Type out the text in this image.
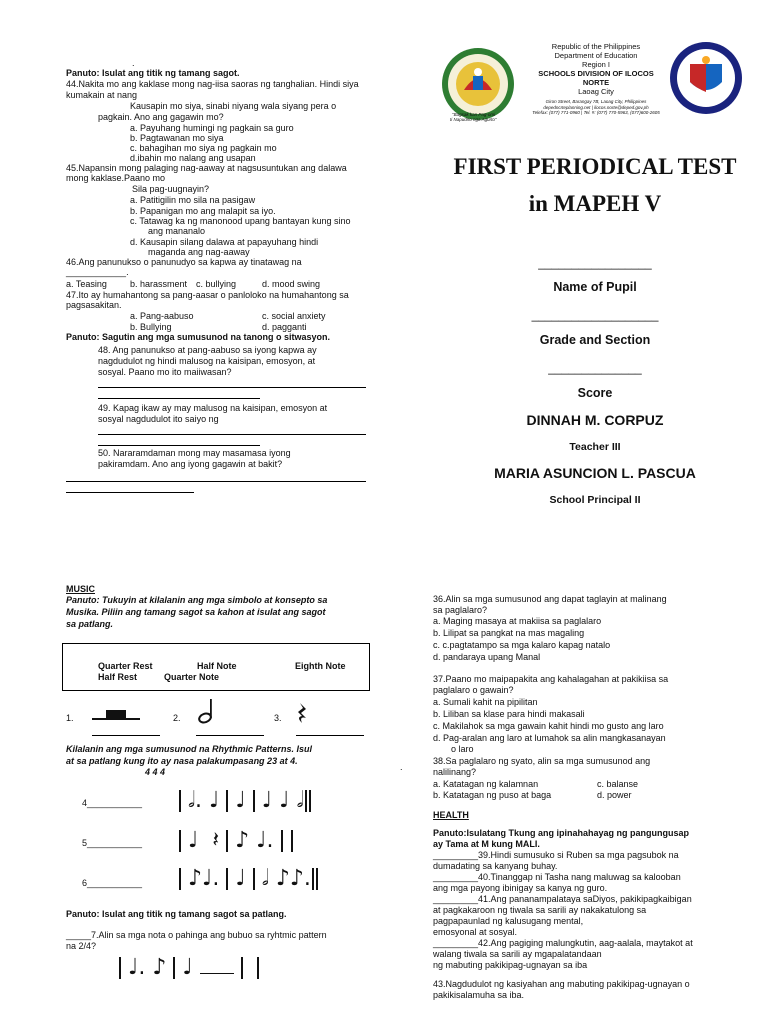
.
Panuto: Isulat ang titik ng tamang sagot.
44.Nakita mo ang kaklase mong nag-iisa saoras ng tanghalian. Hindi siya
kumakain at nang
Kausapin mo siya, sinabi niyang wala siyang pera o
pagkain. Ano ang gagawin mo?
a. Payuhang humingi ng pagkain sa guro
b. Pagtawanan mo siya
c. bahagihan mo siya ng pagkain mo
d.ibahin mo nalang ang usapan
45.Napansin mong palaging nag-aaway at nagsusuntukan ang dalawa
mong kaklase.Paano mo
Sila pag-uugnayin?
a. Patitigilin mo sila na pasigaw
b. Papanigan mo ang malapit sa iyo.
c. Tatawag ka ng manonood upang bantayan kung sino
ang mananalo
d. Kausapin silang dalawa at papayuhang hindi
maganda ang nag-aaway
46.Ang panunukso o panunudyo sa kapwa ay tinatawag na
____________.
a. Teasing	b. harassment c. bullying	d. mood swing
47.Ito ay humahantong sa pang-aasar o panloloko na humahantong sa
pagsasakitan.
a. Pang-aabuso	c. social anxiety
b. Bullying	d. pagganti
Panuto: Sagutin ang mga sumusunod na tanong o sitwasyon.
48. Ang panunukso at pang-aabuso sa iyong kapwa ay
nagdudulot ng hindi malusog na kaisipan, emosyon, at
sosyal. Paano mo ito maiiwasan?
49. Kapag ikaw ay may malusog na kaisipan, emosyon at
sosyal nagdudulot ito saiyo ng
50. Nararamdaman mong may masamasa iyong
pakiramdam. Ano ang iyong gagawin at bakit?
"Bagsak kan Pag-omi
ti Napudno nga Agurto"
Republic of the Philippines
Department of Education
Region I
SCHOOLS DIVISION OF ILOCOS NORTE
Laoag City
Giron Street, Barangay 7B, Laoag City, Philippines
depedncrteplanning.net | ilocos.norte@deped.gov.ph
Telefax: (077) 771-0960 | Tel. #: (077) 770-5963, (077)600-2605
FIRST PERIODICAL TEST
in MAPEH V
_________________
Name of Pupil
___________________
Grade and Section
______________
Score
DINNAH M. CORPUZ
Teacher III
MARIA ASUNCION L. PASCUA
School Principal II
MUSIC
Panuto: Tukuyin at kilalanin ang mga simbolo at konsepto sa
Musika. Piliin ang tamang sagot sa kahon at isulat ang sagot
sa patlang.
Quarter Rest	Half Note	Eighth Note
Half Rest	Quarter Note
1.	2.	3.
Kilalanin ang mga sumusunod na Rhythmic Patterns. Isul
at sa patlang kung ito ay nasa palakumpasang 23 at 4.
4 4 4
4___________	𝅗𝅥. ♩ ♩ ♩ ♩ 𝅗𝅥
5___________	♩ 𝄽 ♪ ♩.
6___________	♪♩. ♩ 𝅗𝅥 ♪♪.
Panuto: Isulat ang titik ng tamang sagot sa patlang.
_____7.Alin sa mga nota o pahinga ang bubuo sa ryhtmic pattern
na 2/4?
♩. ♪ ♩
.
36.Alin sa mga sumusunod ang dapat taglayin at malinang
sa paglalaro?
a. Maging masaya at makiisa sa paglalaro
b. Lilipat sa pangkat na mas magaling
c. c.pagtatampo sa mga kalaro kapag natalo
d. pandaraya upang Manal
37.Paano mo maipapakita ang kahalagahan at pakikiisa sa
paglalaro o gawain?
a. Sumali kahit na pipilitan
b. Liliban sa klase para hindi makasali
c. Makilahok sa mga gawain kahit hindi mo gusto ang laro
d. Pag-aralan ang laro at lumahok sa alin mangkasanayan
o laro
38.Sa paglalaro ng syato, alin sa mga sumusunod ang
nalilinang?
a. Katatagan ng kalamnan	c. balanse
b. Katatagan ng puso at baga	d. power
HEALTH
Panuto:Isulatang Tkung ang ipinahahayag ng pangungusap
ay Tama at M kung MALI.
_________39.Hindi sumusuko si Ruben sa mga pagsubok na
dumadating sa kanyang buhay.
_________40.Tinanggap ni Tasha nang maluwag sa kalooban
ang mga payong ibinigay sa kanya ng guro.
_________41.Ang pananampalataya saDiyos, pakikipagkaibigan
at pagkakaroon ng tiwala sa sarili ay nakakatulong sa
pagpapaunlad ng kalusugang mental,
emosyonal at sosyal.
_________42.Ang pagiging malungkutin, aag-aalala, maytakot at
walang tiwala sa sarili ay mgapalatandaan
ng mabuting pakikipag-ugnayan sa iba
43.Nagdudulot ng kasiyahan ang mabuting pakikipag-ugnayan o
pakikisalamuha sa iba.
